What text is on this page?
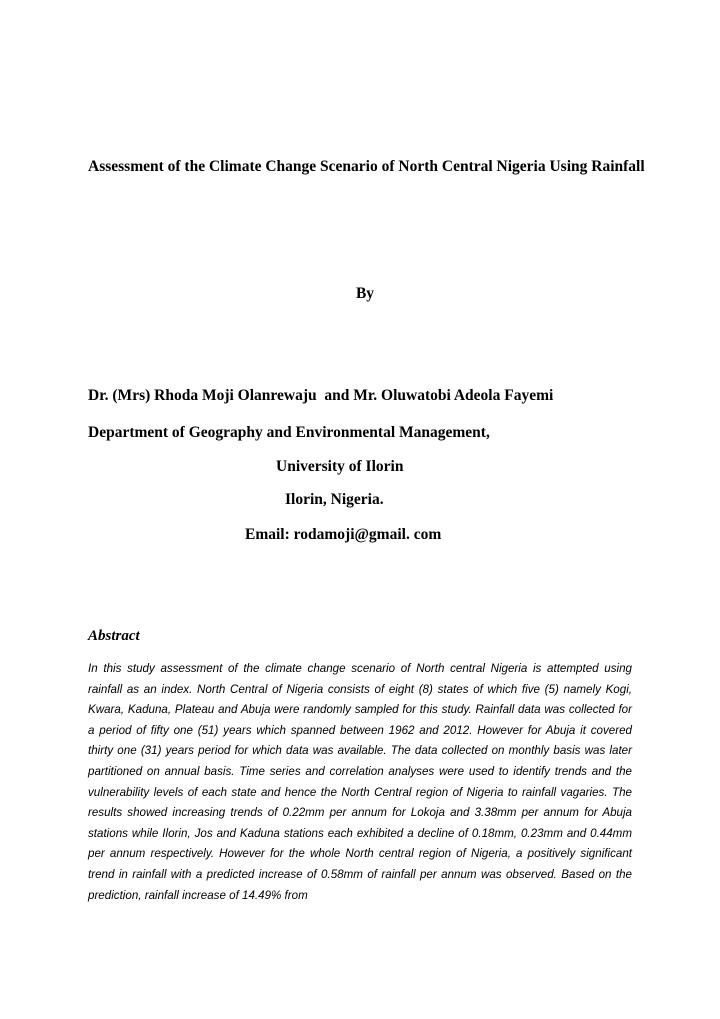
Assessment of the Climate Change Scenario of North Central Nigeria Using Rainfall
By
Dr. (Mrs) Rhoda Moji Olanrewaju  and Mr. Oluwatobi Adeola Fayemi
Department of Geography and Environmental Management,
University of Ilorin
Ilorin, Nigeria.
Email: rodamoji@gmail. com
Abstract

In this study assessment of the climate change scenario of North central Nigeria is attempted using rainfall as an index. North Central of Nigeria consists of eight (8) states of which five (5) namely Kogi, Kwara, Kaduna, Plateau and Abuja were randomly sampled for this study. Rainfall data was collected for a period of fifty one (51) years which spanned between 1962 and 2012. However for Abuja it covered thirty one (31) years period for which data was available. The data collected on monthly basis was later partitioned on annual basis. Time series and correlation analyses were used to identify trends and the vulnerability levels of each state and hence the North Central region of Nigeria to rainfall vagaries. The results showed increasing trends of 0.22mm per annum for Lokoja and 3.38mm per annum for Abuja stations while Ilorin, Jos and Kaduna stations each exhibited a decline of 0.18mm, 0.23mm and 0.44mm per annum respectively. However for the whole North central region of Nigeria, a positively significant trend in rainfall with a predicted increase of 0.58mm of rainfall per annum was observed. Based on the prediction, rainfall increase of 14.49% from
